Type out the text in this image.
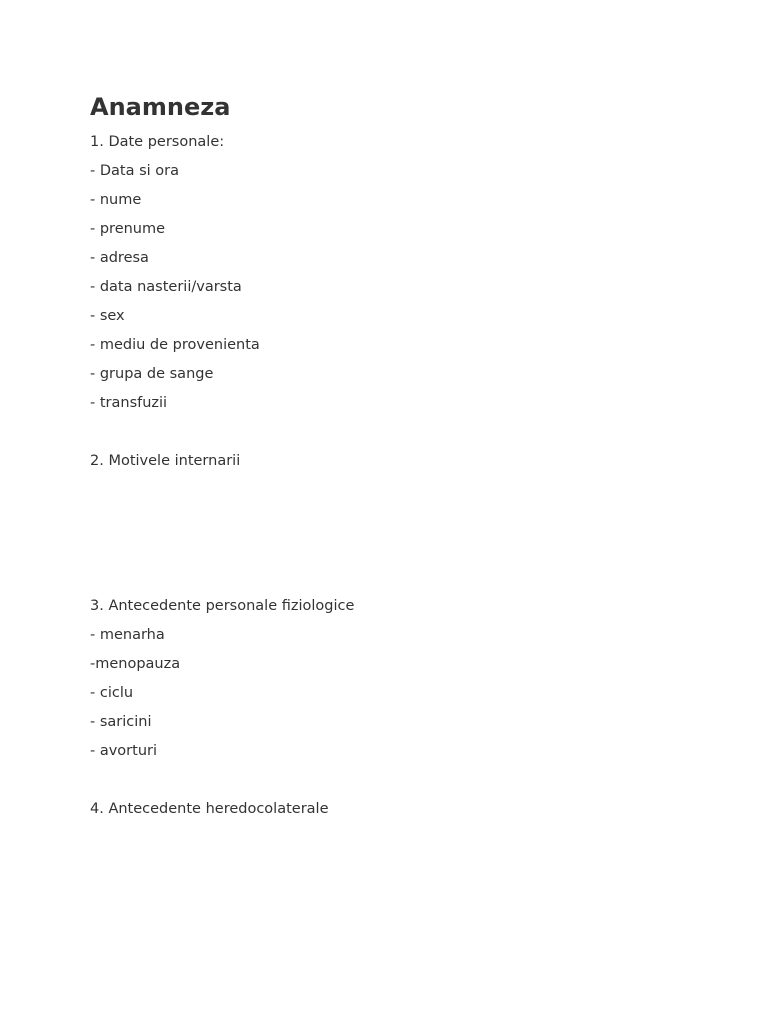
Anamneza
1. Date personale:
- Data si ora
- nume
- prenume
- adresa
- data nasterii/varsta
- sex
- mediu de provenienta
- grupa de sange
- transfuzii
2. Motivele internarii
3. Antecedente personale fiziologice
- menarha
-menopauza
- ciclu
- saricini
- avorturi
4. Antecedente heredocolaterale
